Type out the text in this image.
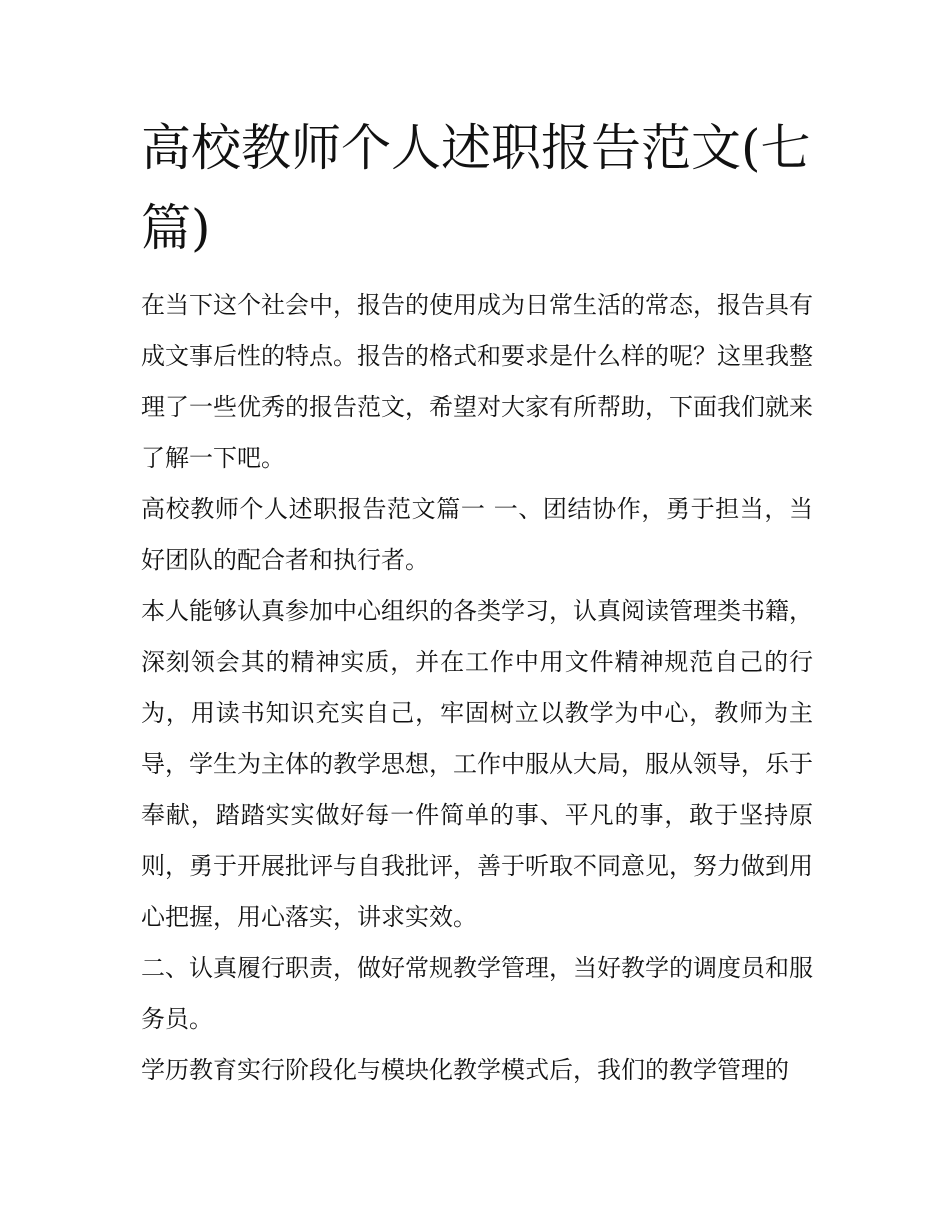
高校教师个人述职报告范文(七篇)

在当下这个社会中，报告的使用成为日常生活的常态，报告具有成文事后性的特点。报告的格式和要求是什么样的呢？这里我整理了一些优秀的报告范文，希望对大家有所帮助，下面我们就来了解一下吧。

高校教师个人述职报告范文篇一 一、团结协作，勇于担当，当好团队的配合者和执行者。

本人能够认真参加中心组织的各类学习，认真阅读管理类书籍，深刻领会其的精神实质，并在工作中用文件精神规范自己的行为，用读书知识充实自己，牢固树立以教学为中心，教师为主导，学生为主体的教学思想，工作中服从大局，服从领导，乐于奉献，踏踏实实做好每一件简单的事、平凡的事，敢于坚持原则，勇于开展批评与自我批评，善于听取不同意见，努力做到用心把握，用心落实，讲求实效。

二、认真履行职责，做好常规教学管理，当好教学的调度员和服务员。

学历教育实行阶段化与模块化教学模式后，我们的教学管理的
